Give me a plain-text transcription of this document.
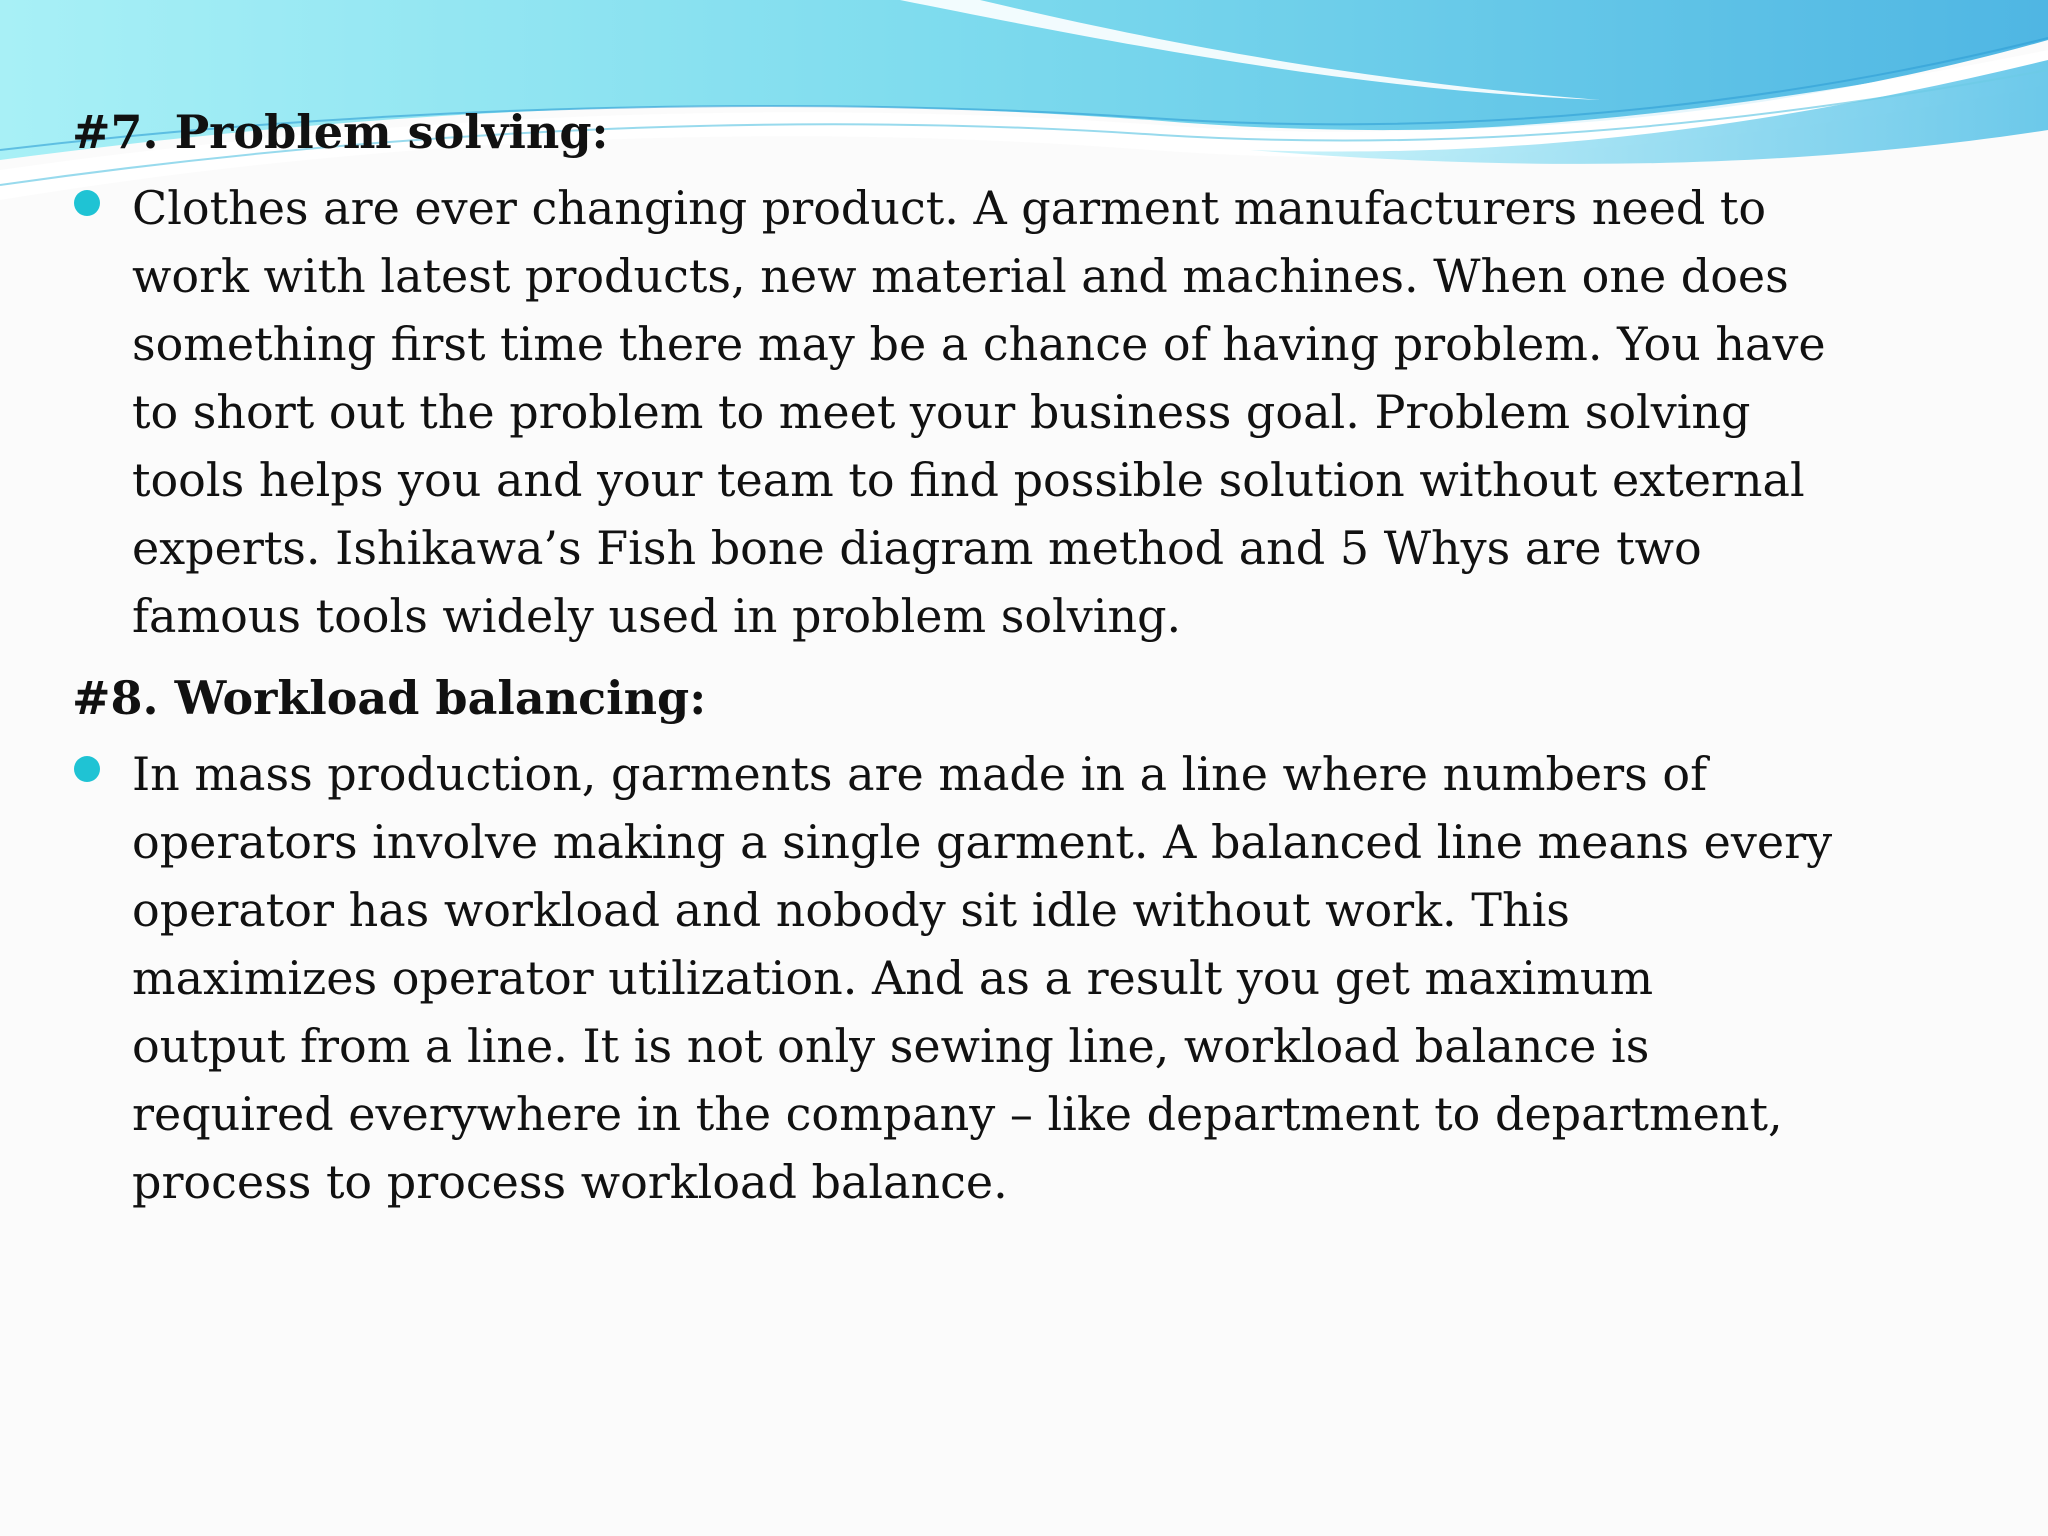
#7. Problem solving:

Clothes are ever changing product. A garment manufacturers need to
work with latest products, new material and machines. When one does
something first time there may be a chance of having problem. You have
to short out the problem to meet your business goal. Problem solving
tools helps you and your team to find possible solution without external
experts. Ishikawa’s Fish bone diagram method and 5 Whys are two
famous tools widely used in problem solving.

#8. Workload balancing:

In mass production, garments are made in a line where numbers of
operators involve making a single garment. A balanced line means every
operator has workload and nobody sit idle without work. This
maximizes operator utilization. And as a result you get maximum
output from a line. It is not only sewing line, workload balance is
required everywhere in the company – like department to department,
process to process workload balance.
